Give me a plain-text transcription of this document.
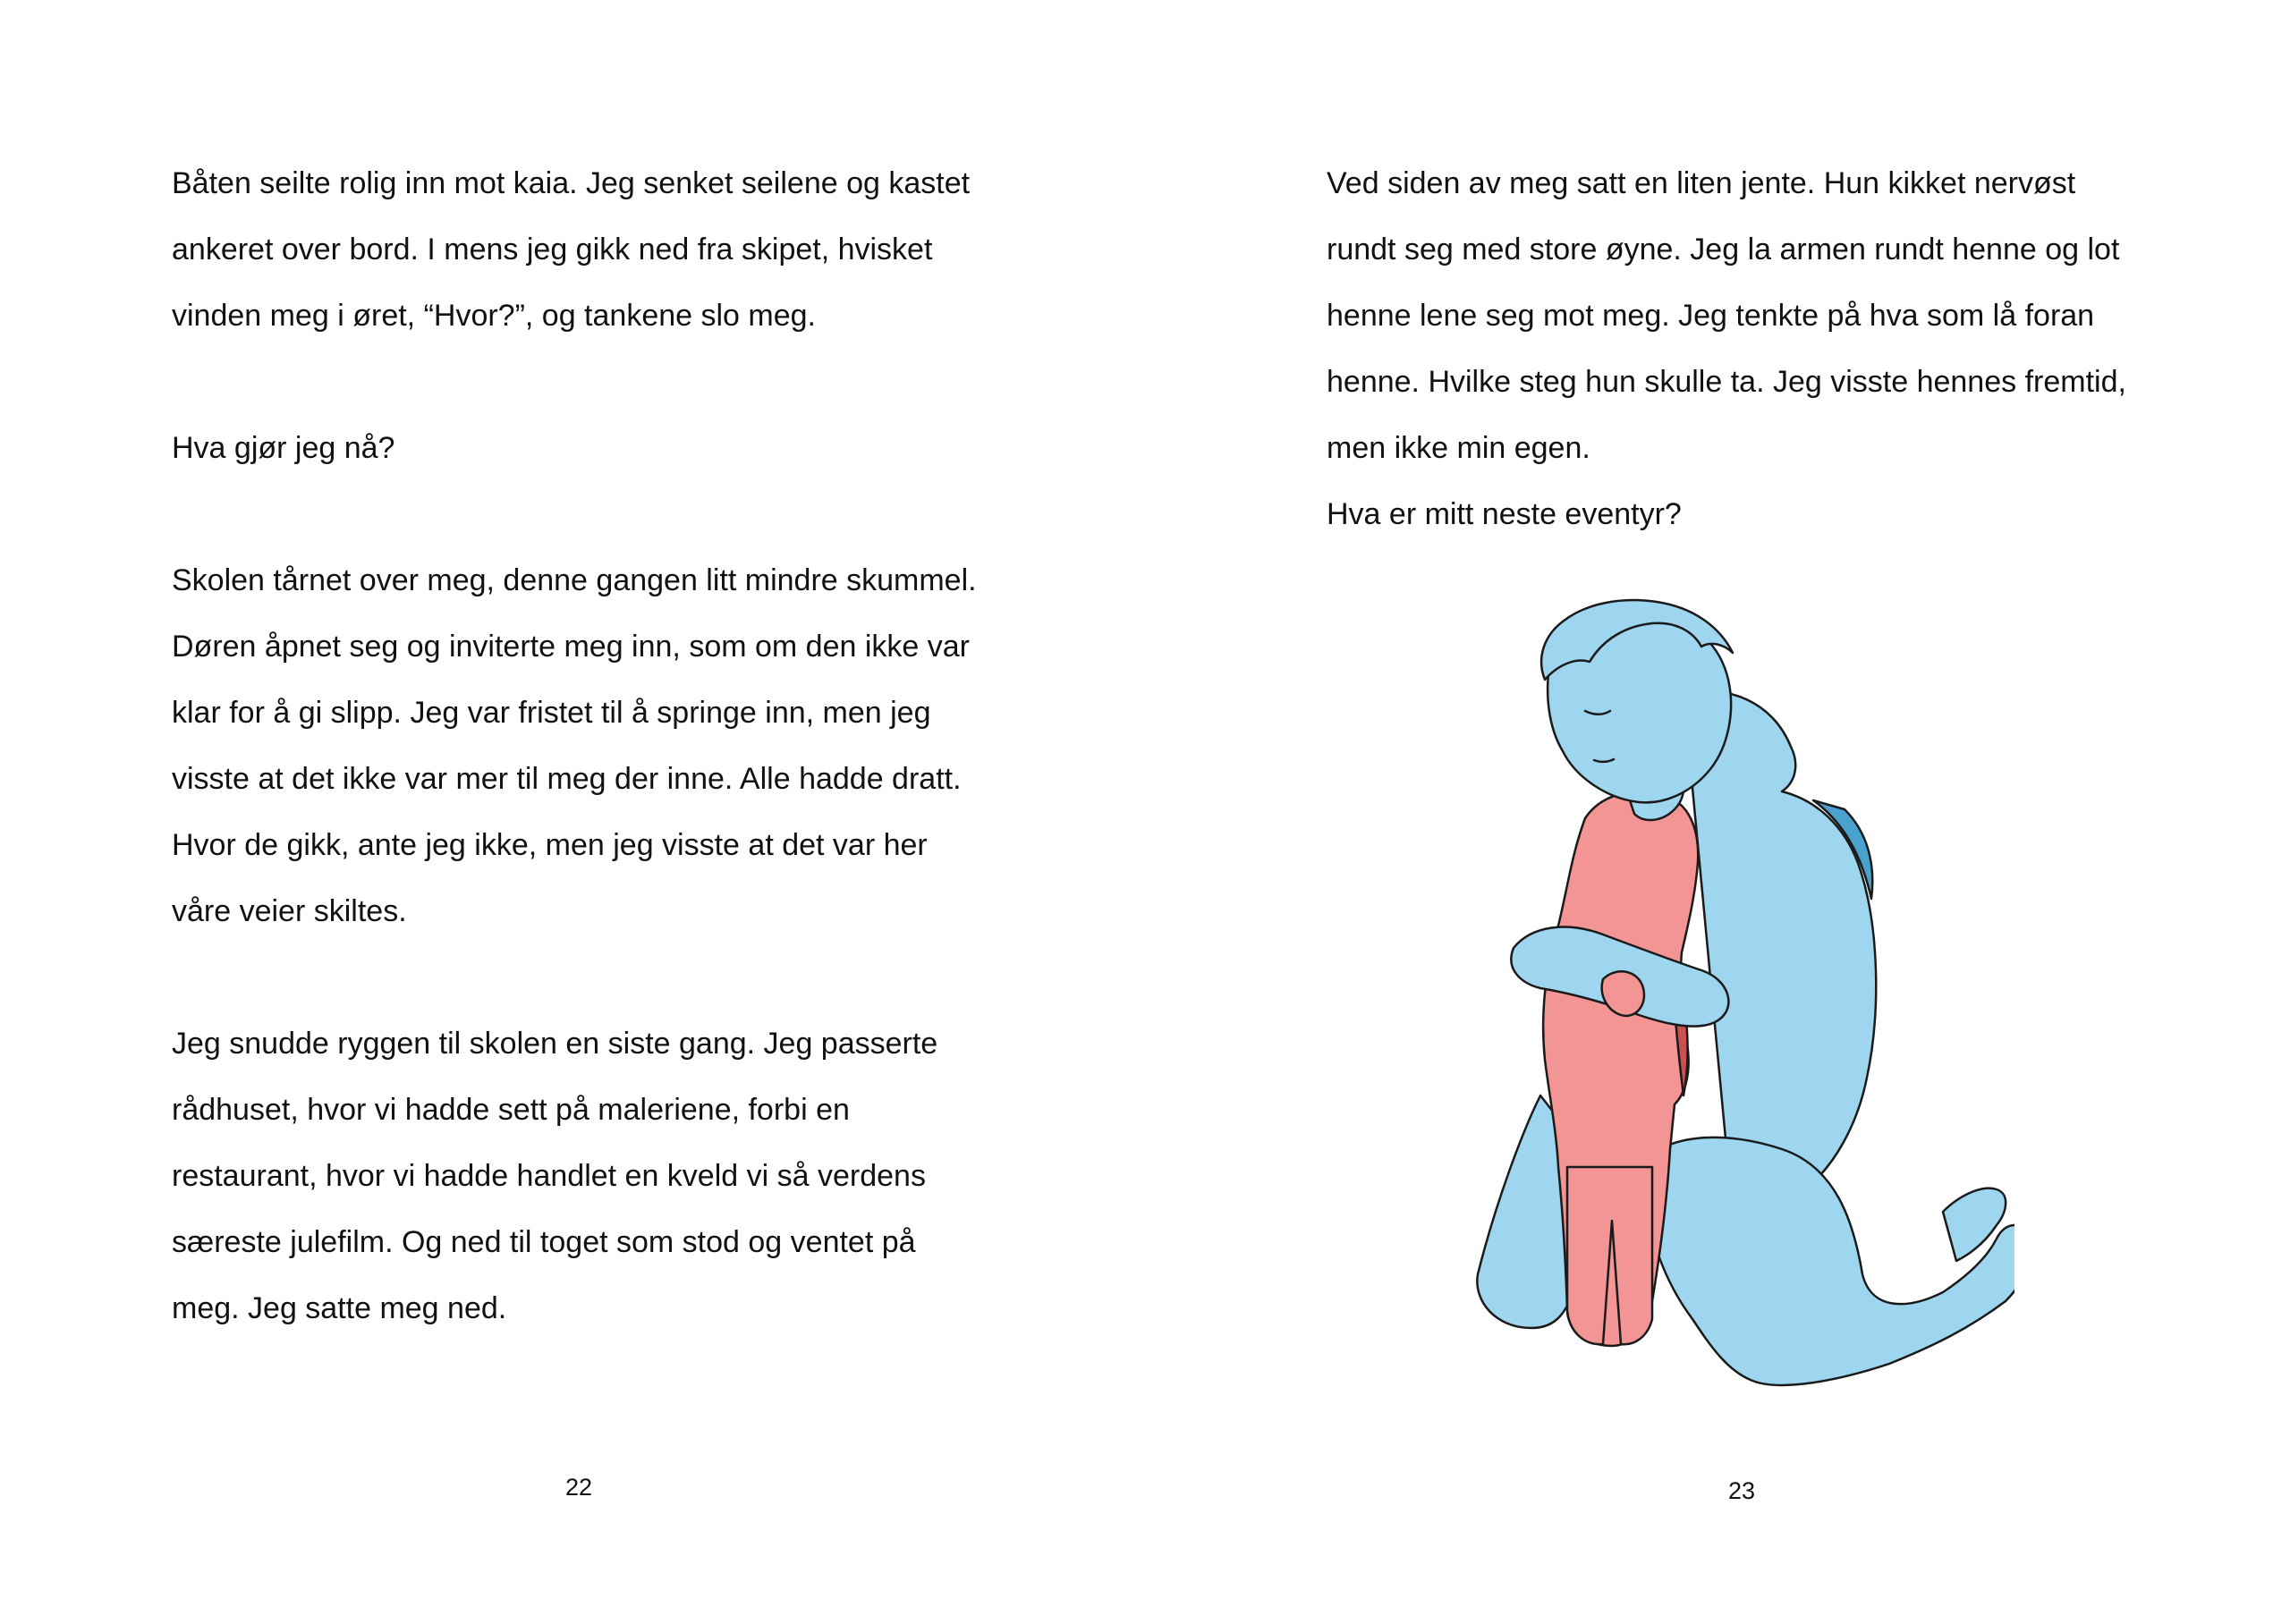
Båten seilte rolig inn mot kaia. Jeg senket seilene og kastet
ankeret over bord. I mens jeg gikk ned fra skipet, hvisket
vinden meg i øret, “Hvor?”, og tankene slo meg.
Hva gjør jeg nå?
Skolen tårnet over meg, denne gangen litt mindre skummel.
Døren åpnet seg og inviterte meg inn, som om den ikke var
klar for å gi slipp. Jeg var fristet til å springe inn, men jeg
visste at det ikke var mer til meg der inne. Alle hadde dratt.
Hvor de gikk, ante jeg ikke, men jeg visste at det var her
våre veier skiltes.
Jeg snudde ryggen til skolen en siste gang. Jeg passerte
rådhuset, hvor vi hadde sett på maleriene, forbi en
restaurant, hvor vi hadde handlet en kveld vi så verdens
særeste julefilm. Og ned til toget som stod og ventet på
meg. Jeg satte meg ned.
22
Ved siden av meg satt en liten jente. Hun kikket nervøst
rundt seg med store øyne. Jeg la armen rundt henne og lot
henne lene seg mot meg. Jeg tenkte på hva som lå foran
henne. Hvilke steg hun skulle ta. Jeg visste hennes fremtid,
men ikke min egen.
Hva er mitt neste eventyr?
23
